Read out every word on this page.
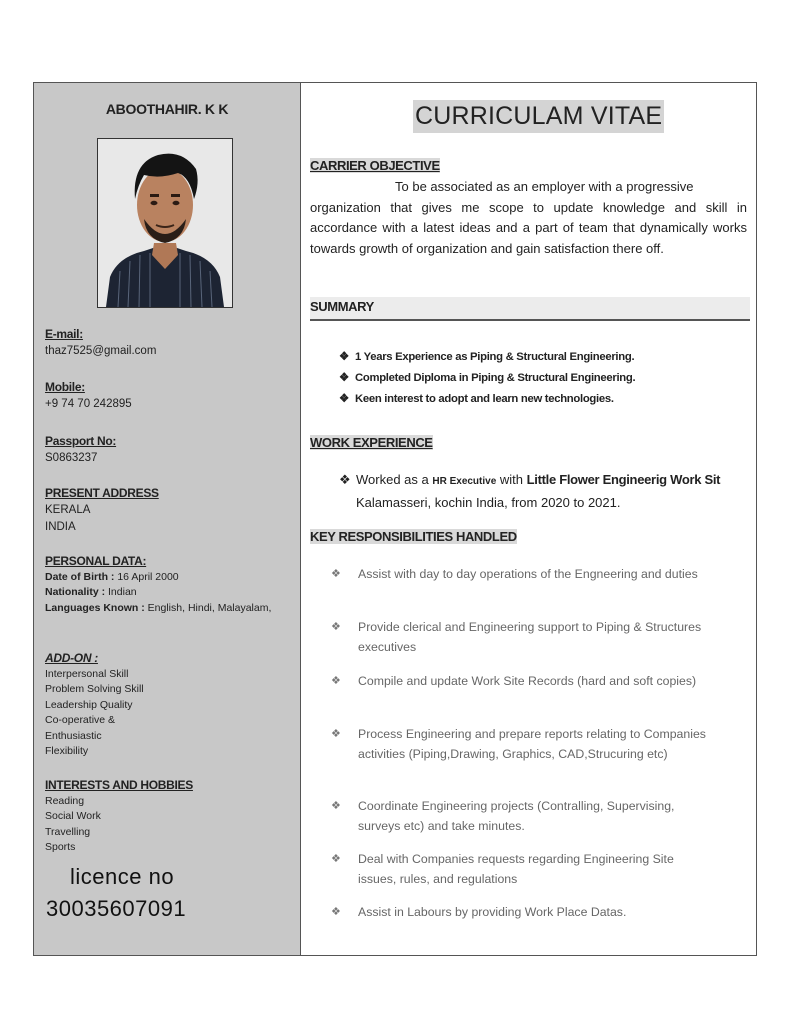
ABOOTHAHIR. K K
E-mail:
thaz7525@gmail.com
Mobile:
+9 74 70 242895
Passport No:
S0863237
PRESENT ADDRESS
KERALA
INDIA
PERSONAL DATA:
Date of Birth : 16 April 2000
Nationality : Indian
Languages Known : English, Hindi, Malayalam,
ADD-ON :
Interpersonal Skill
Problem Solving Skill
Leadership Quality
Co-operative &
Enthusiastic
Flexibility
INTERESTS AND HOBBIES
Reading
Social Work
Travelling
Sports
licence no
30035607091
CURRICULAM VITAE
CARRIER OBJECTIVE
To be associated as an employer with a progressive
organization that gives me scope to update knowledge and skill in accordance with a latest ideas and a part of team that dynamically works towards growth of organization and gain satisfaction there off.
SUMMARY
❖ 1 Years Experience as Piping & Structural Engineering.
❖ Completed Diploma in Piping & Structural Engineering.
❖ Keen interest to adopt and learn new technologies.
WORK EXPERIENCE
❖ Worked as a HR Executive with Little Flower Engineerig Work Sit Kalamasseri, kochin India, from 2020 to 2021.
KEY RESPONSIBILITIES HANDLED
❖ Assist with day to day operations of the Engneering and duties
❖ Provide clerical and Engineering support to Piping & Structures executives
❖ Compile and update Work Site Records (hard and soft copies)
❖ Process Engineering and prepare reports relating to Companies activities (Piping,Drawing, Graphics, CAD,Strucuring etc)
❖ Coordinate Engineering projects (Contralling, Supervising, surveys etc) and take minutes.
❖ Deal with Companies requests regarding Engineering Site issues, rules, and regulations
❖ Assist in Labours by providing Work Place Datas.
